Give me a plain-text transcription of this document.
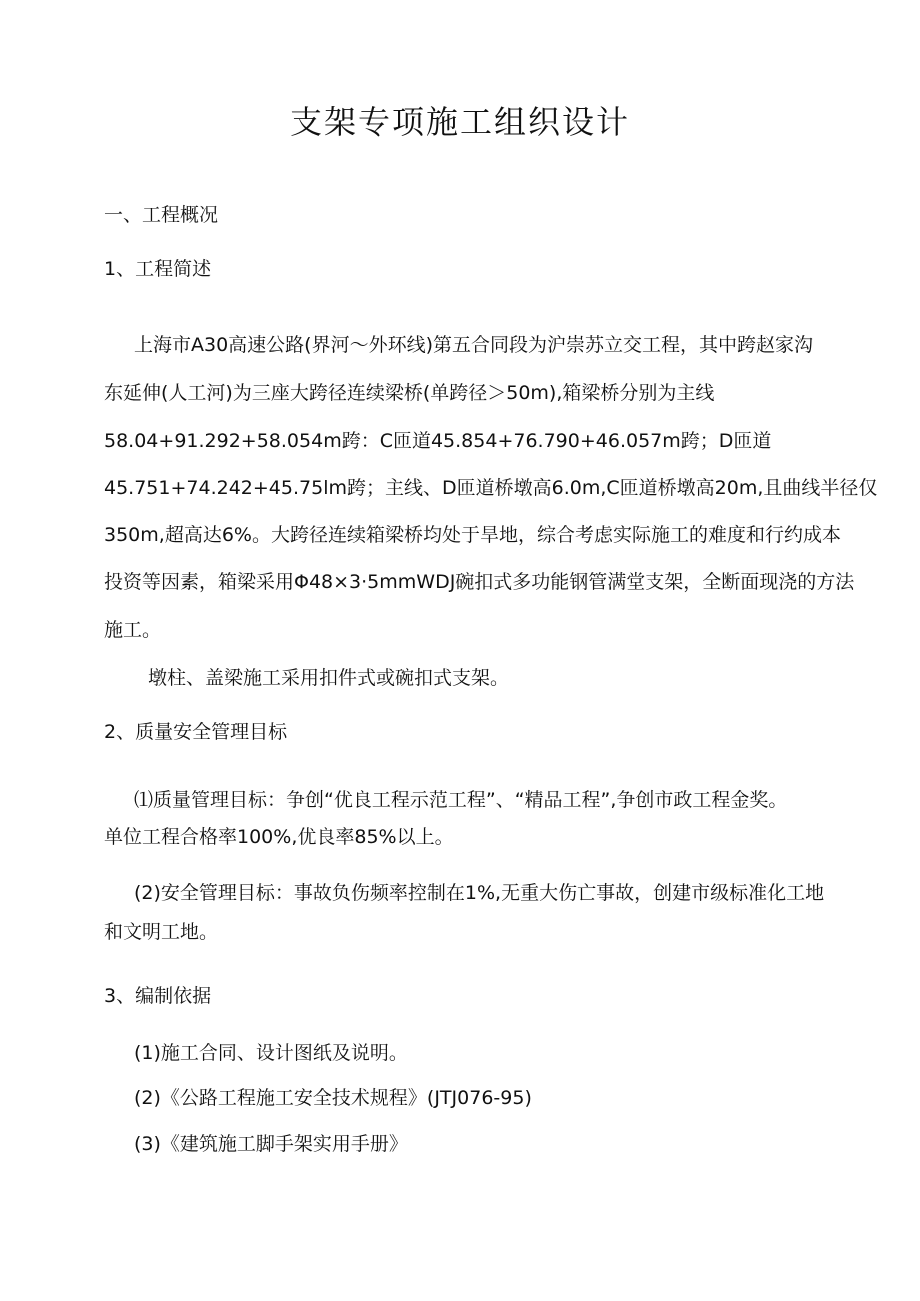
支架专项施工组织设计
一、工程概况
1、工程简述
上海市A30高速公路(界河～外环线)第五合同段为沪崇苏立交工程，其中跨赵家沟
东延伸(人工河)为三座大跨径连续梁桥(单跨径＞50m),箱梁桥分别为主线
58.04+91.292+58.054m跨：C匝道45.854+76.790+46.057m跨；D匝道
45.751+74.242+45.75lm跨；主线、D匝道桥墩高6.0m,C匝道桥墩高20m,且曲线半径仅
350m,超高达6%。大跨径连续箱梁桥均处于旱地，综合考虑实际施工的难度和行约成本
投资等因素，箱梁采用Φ48×3·5mmWDJ碗扣式多功能钢管满堂支架，全断面现浇的方法
施工。
墩柱、盖梁施工采用扣件式或碗扣式支架。
2、质量安全管理目标
⑴质量管理目标：争创“优良工程示范工程”、“精品工程”,争创市政工程金奖。
单位工程合格率100%,优良率85%以上。
(2)安全管理目标：事故负伤频率控制在1%,无重大伤亡事故，创建市级标准化工地
和文明工地。
3、编制依据
(1)施工合同、设计图纸及说明。
(2)《公路工程施工安全技术规程》(JTJ076-95)
(3)《建筑施工脚手架实用手册》
